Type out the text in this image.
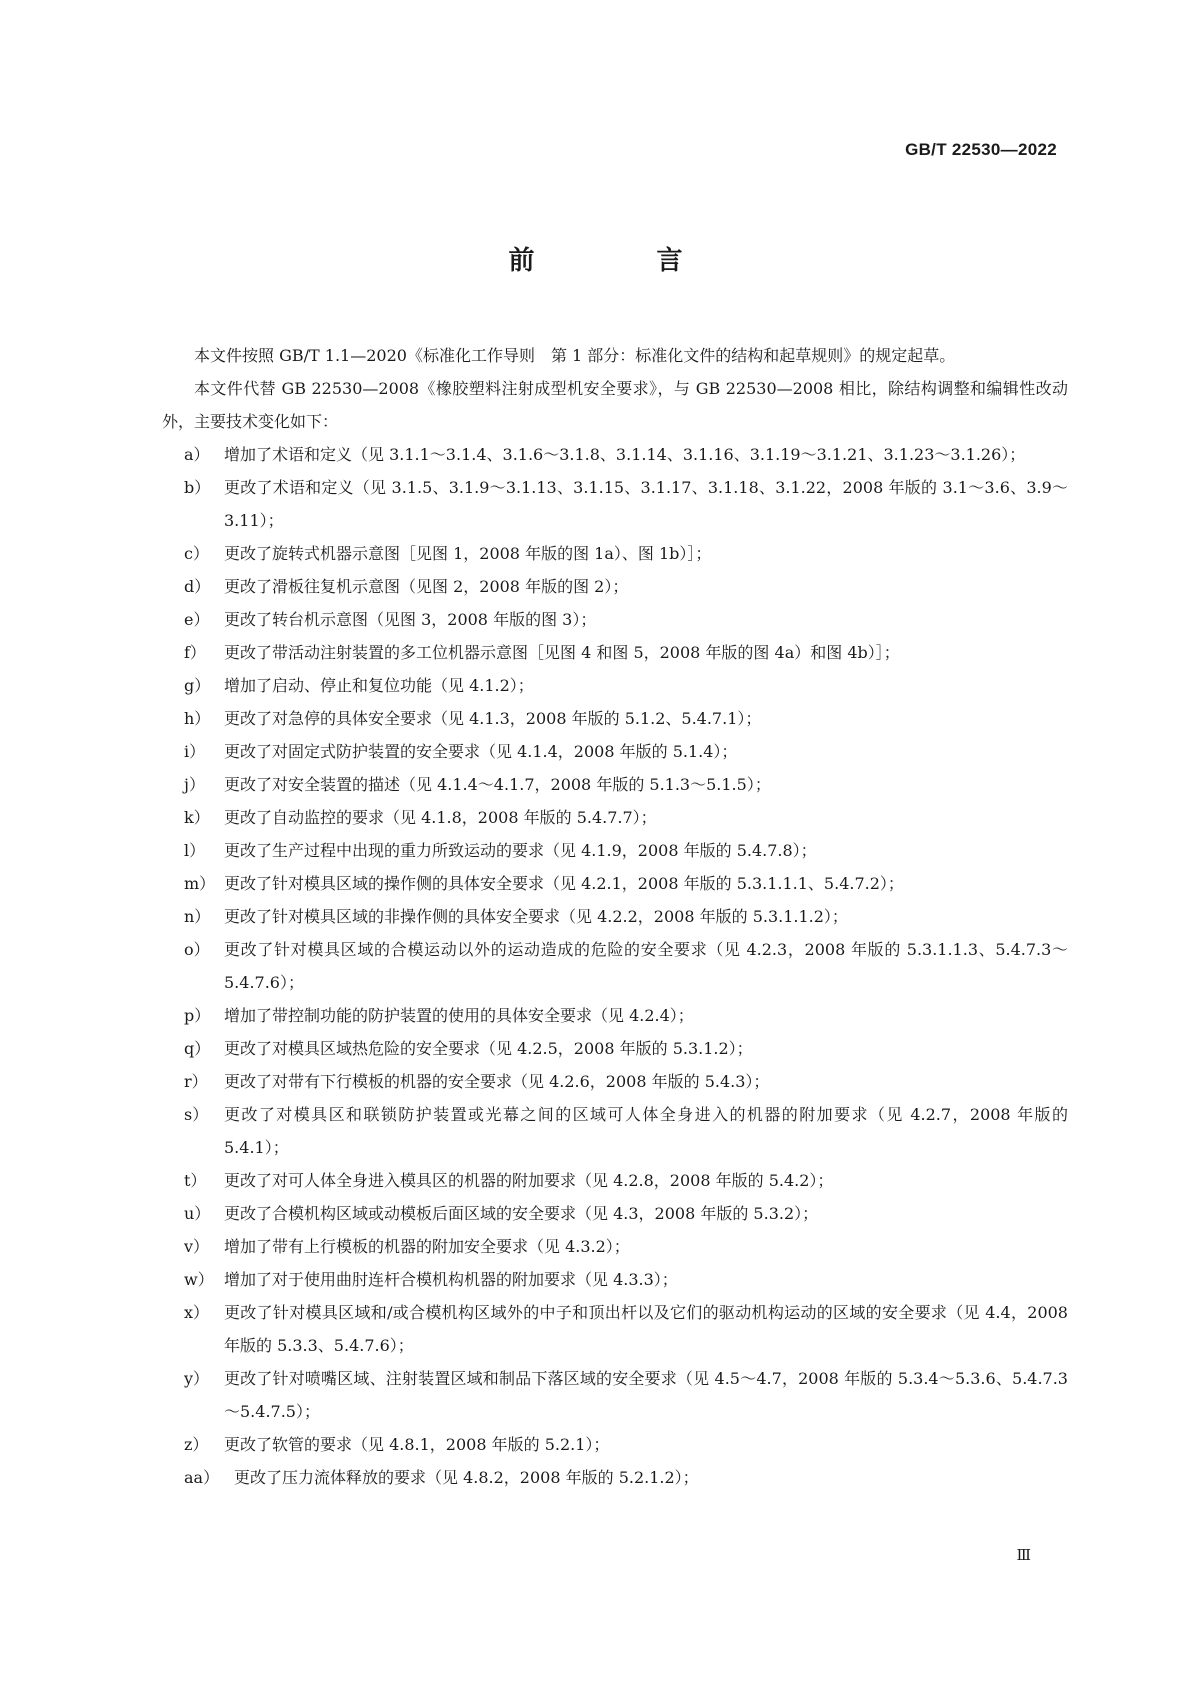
GB/T 22530—2022
前　言

本文件按照 GB/T 1.1—2020《标准化工作导则　第 1 部分：标准化文件的结构和起草规则》的规定起草。

本文件代替 GB 22530—2008《橡胶塑料注射成型机安全要求》，与 GB 22530—2008 相比，除结构调整和编辑性改动外，主要技术变化如下：

a） 增加了术语和定义（见 3.1.1～3.1.4、3.1.6～3.1.8、3.1.14、3.1.16、3.1.19～3.1.21、3.1.23～3.1.26）；
b） 更改了术语和定义（见 3.1.5、3.1.9～3.1.13、3.1.15、3.1.17、3.1.18、3.1.22，2008 年版的 3.1～3.6、3.9～3.11）；
c） 更改了旋转式机器示意图［见图 1，2008 年版的图 1a）、图 1b）］；
d） 更改了滑板往复机示意图（见图 2，2008 年版的图 2）；
e） 更改了转台机示意图（见图 3，2008 年版的图 3）；
f） 更改了带活动注射装置的多工位机器示意图［见图 4 和图 5，2008 年版的图 4a）和图 4b）］；
g） 增加了启动、停止和复位功能（见 4.1.2）；
h） 更改了对急停的具体安全要求（见 4.1.3，2008 年版的 5.1.2、5.4.7.1）；
i） 更改了对固定式防护装置的安全要求（见 4.1.4，2008 年版的 5.1.4）；
j） 更改了对安全装置的描述（见 4.1.4～4.1.7，2008 年版的 5.1.3～5.1.5）；
k） 更改了自动监控的要求（见 4.1.8，2008 年版的 5.4.7.7）；
l） 更改了生产过程中出现的重力所致运动的要求（见 4.1.9，2008 年版的 5.4.7.8）；
m） 更改了针对模具区域的操作侧的具体安全要求（见 4.2.1，2008 年版的 5.3.1.1.1、5.4.7.2）；
n） 更改了针对模具区域的非操作侧的具体安全要求（见 4.2.2，2008 年版的 5.3.1.1.2）；
o） 更改了针对模具区域的合模运动以外的运动造成的危险的安全要求（见 4.2.3，2008 年版的 5.3.1.1.3、5.4.7.3～5.4.7.6）；
p） 增加了带控制功能的防护装置的使用的具体安全要求（见 4.2.4）；
q） 更改了对模具区域热危险的安全要求（见 4.2.5，2008 年版的 5.3.1.2）；
r） 更改了对带有下行模板的机器的安全要求（见 4.2.6，2008 年版的 5.4.3）；
s） 更改了对模具区和联锁防护装置或光幕之间的区域可人体全身进入的机器的附加要求（见 4.2.7，2008 年版的 5.4.1）；
t） 更改了对可人体全身进入模具区的机器的附加要求（见 4.2.8，2008 年版的 5.4.2）；
u） 更改了合模机构区域或动模板后面区域的安全要求（见 4.3，2008 年版的 5.3.2）；
v） 增加了带有上行模板的机器的附加安全要求（见 4.3.2）；
w） 增加了对于使用曲肘连杆合模机构机器的附加要求（见 4.3.3）；
x） 更改了针对模具区域和/或合模机构区域外的中子和顶出杆以及它们的驱动机构运动的区域的安全要求（见 4.4，2008 年版的 5.3.3、5.4.7.6）；
y） 更改了针对喷嘴区域、注射装置区域和制品下落区域的安全要求（见 4.5～4.7，2008 年版的 5.3.4～5.3.6、5.4.7.3～5.4.7.5）；
z） 更改了软管的要求（见 4.8.1，2008 年版的 5.2.1）；
aa） 更改了压力流体释放的要求（见 4.8.2，2008 年版的 5.2.1.2）；
Ⅲ
